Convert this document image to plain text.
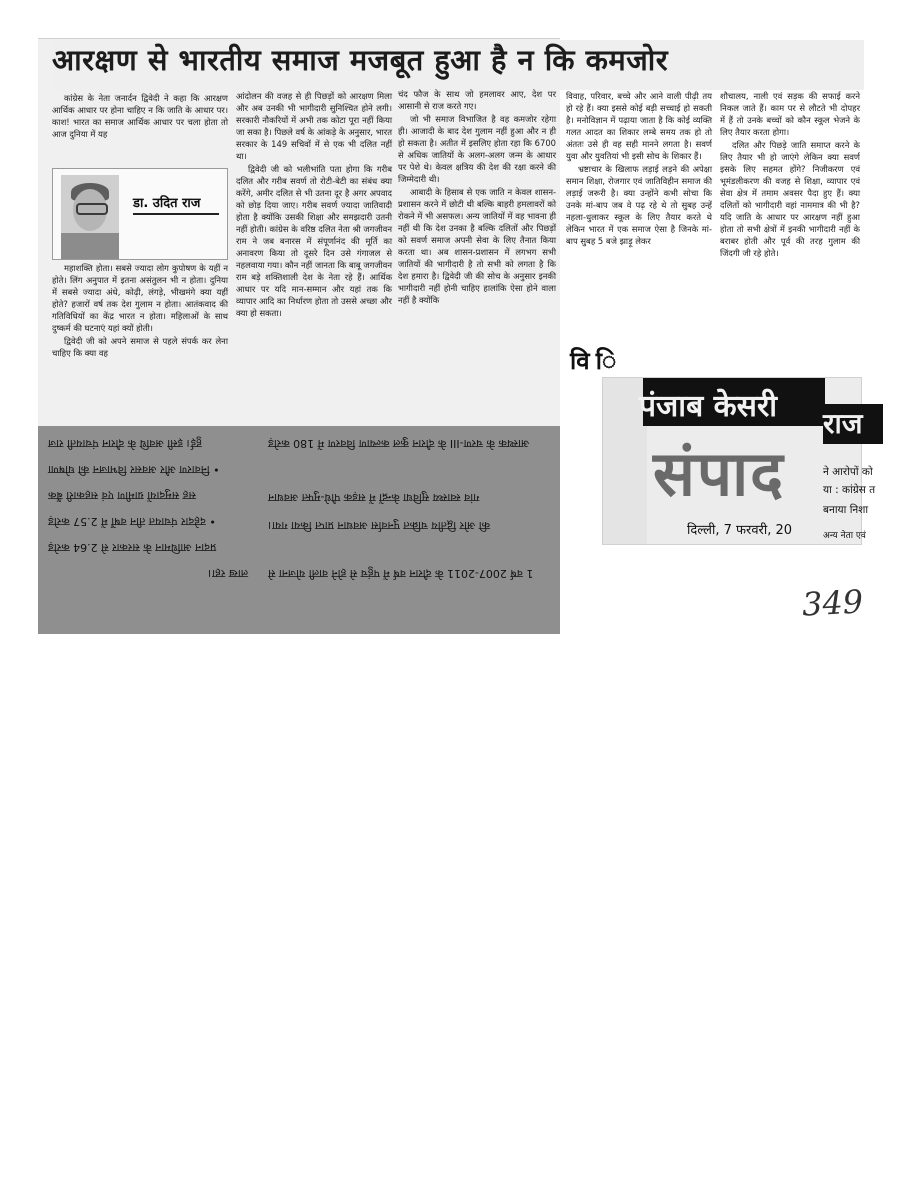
आरक्षण से भारतीय समाज मजबूत हुआ है न कि कमजोर

कांग्रेस के नेता जनार्दन द्विवेदी ने कहा कि आरक्षण आर्थिक आधार पर होना चाहिए न कि जाति के आधार पर। काश! भारत का समाज आर्थिक आधार पर चला होता तो आज दुनिया में यह

डा. उदित राज

महाशक्ति होता। सबसे ज्यादा लोग कुपोषण के यहीं न होते। लिंग अनुपात में इतना असंतुलन भी न होता। दुनिया में सबसे ज्यादा अंधे, कोढ़ी, लंगड़े, भीखमंगे क्या यहीं होते? हजारों वर्ष तक देश गुलाम न होता। आतंकवाद की गतिविधियों का केंद्र भारत न होता। महिलाओं के साथ दुष्कर्म की घटनाएं यहां क्यों होती।

द्विवेदी जी को अपने समाज से पहले संपर्क कर लेना चाहिए कि क्या वह

आंदोलन की वजह से ही पिछड़ों को आरक्षण मिला और अब उनकी भी भागीदारी सुनिश्चित होने लगी। सरकारी नौकरियों में अभी तक कोटा पूरा नहीं किया जा सका है। पिछले वर्ष के आंकड़े के अनुसार, भारत सरकार के 149 सचिवों में से एक भी दलित नहीं था।

द्विवेदी जी को भलीभांति पता होगा कि गरीब दलित और गरीब सवर्ण तो रोटी-बेटी का संबंध क्या करेंगे, अमीर दलित से भी उतना दूर है अगर अपवाद को छोड़ दिया जाए। गरीब सवर्ण ज्यादा जातिवादी होता है क्योंकि उसकी शिक्षा और समझदारी उतनी नहीं होती। कांग्रेस के वरिष्ठ दलित नेता श्री जगजीवन राम ने जब बनारस में संपूर्णानंद की मूर्ति का अनावरण किया तो दूसरे दिन उसे गंगाजल से नहलवाया गया। कौन नहीं जानता कि बाबू जगजीवन राम बड़े शक्तिशाली देश के नेता रहे हैं। आर्थिक आधार पर यदि मान-सम्मान और यहां तक कि व्यापार आदि का निर्धारण होता तो उससे अच्छा और क्या हो सकता।

चंद फौज के साथ जो हमलावर आए, देश पर आसानी से राज करते गए।

जो भी समाज विभाजित है वह कमजोर रहेगा ही। आजादी के बाद देश गुलाम नहीं हुआ और न ही हो सकता है। अतीत में इसलिए होता रहा कि 6700 से अधिक जातियों के अलग-अलग जन्म के आधार पर पेशे थे। केवल क्षत्रिय की देश की रक्षा करने की जिम्मेदारी थी।

आबादी के हिसाब से एक जाति न केवल शासन-प्रशासन करने में छोटी थी बल्कि बाहरी हमलावरों को रोकने में भी असफल। अन्य जातियों में वह भावना ही नहीं थी कि देश उनका है बल्कि दलितों और पिछड़ों को सवर्ण समाज अपनी सेवा के लिए तैनात किया करता था। अब शासन-प्रशासन में लगभग सभी जातियों की भागीदारी है तो सभी को लगता है कि देश हमारा है। द्विवेदी जी की सोच के अनुसार इनकी भागीदारी नहीं होनी चाहिए हालांकि ऐसा होने वाला नहीं है क्योंकि

विवाह, परिवार, बच्चे और आने वाली पीढ़ी तय हो रहे हैं। क्या इससे कोई बड़ी सच्चाई हो सकती है। मनोविज्ञान में पढ़ाया जाता है कि कोई व्यक्ति गलत आदत का शिकार लम्बे समय तक हो तो अंततः उसे ही वह सही मानने लगता है। सवर्ण युवा और युवतियां भी इसी सोच के शिकार हैं।

भ्रष्टाचार के खिलाफ लड़ाई लड़ने की अपेक्षा समान शिक्षा, रोजगार एवं जातिविहीन समाज की लड़ाई जरूरी है। क्या उन्होंने कभी सोचा कि उनके मां-बाप जब वे पढ़ रहे थे तो सुबह उन्हें नहला-धुलाकर स्कूल के लिए तैयार करते थे लेकिन भारत में एक समाज ऐसा है जिनके मां-बाप सुबह 5 बजे झाड़ू लेकर

शौचालय, नाली एवं सड़क की सफाई करने निकल जाते हैं। काम पर से लौटते भी दोपहर में हैं तो उनके बच्चों को कौन स्कूल भेजने के लिए तैयार करता होगा।

दलित और पिछड़े जाति समाप्त करने के लिए तैयार भी हो जाएंगे लेकिन क्या सवर्ण इसके लिए सहमत होंगे? निजीकरण एवं भूमंडलीकरण की वजह से शिक्षा, व्यापार एवं सेवा क्षेत्र में तमाम अवसर पैदा हुए हैं। क्या दलितों को भागीदारी वहां नाममात्र की भी है? यदि जाति के आधार पर आरक्षण नहीं हुआ होता तो सभी क्षेत्रों में इनकी भागीदारी नहीं के बराबर होती और पूर्व की तरह गुलाम की जिंदगी जी रहे होते।

वि ि
हुई। इसी अवधि के दौरान पंचायती राज
• निवारण और अवसर विभाजन की घोषणा
सह समुदायों ग्रामीण एवं सहकारी बैंक
• दहेदार पंचायत तीन वर्षों में 2.57 करोड़
प्रदान आधिमान के सरकार से 2.64 करोड़
लाख रहा।
आस्थक के चरण-III के दौरान कुल कल्याण विवरण में 180 करोड़
गांव स्वास्थ्य सुविधा केन्द्रों में सड़क पौधे-मुफ्त अवधान
की ओर द्वितीय चक्रित पुनर्वास अवधान प्राप्त किया गया।
1 वर्ष 2007-2011 के दौरान वर्ष में पहुंच से होने वाली योजना से
पंजाब केसरी राज
संपाद	ने आरोपों को
या : कांग्रेस त
बनाया निशा
अन्य नेता एवं
दिल्ली, 7 फरवरी, 20
349
